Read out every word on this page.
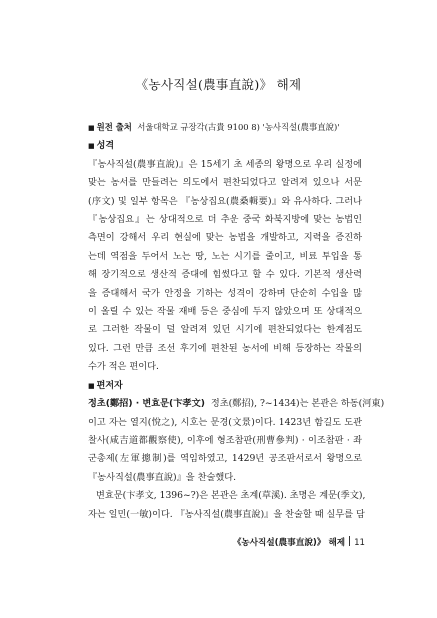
《농사직설(農事直說)》 해제
■ 원전 출처 서울대학교 규장각(古貴 9100 8) '농사직설(農事直說)'
■ 성격
『농사직설(農事直說)』은 15세기 초 세종의 왕명으로 우리 실정에
맞는 농서를 만들려는 의도에서 편찬되었다고 알려져 있으나 서문
(序文) 및 일부 항목은 『농상집요(農桑輯要)』와 유사하다. 그러나
『농상집요』는 상대적으로 더 추운 중국 화북지방에 맞는 농법인
측면이 강해서 우리 현실에 맞는 농법을 개발하고, 지력을 증진하
는데 역점을 두어서 노는 땅, 노는 시기를 줄이고, 비료 투입을 통
해 장기적으로 생산적 증대에 힘썼다고 할 수 있다. 기본적 생산력
을 증대해서 국가 안정을 기하는 성격이 강하며 단순히 수입을 많
이 올릴 수 있는 작물 재배 등은 중심에 두지 않았으며 또 상대적으
로 그러한 작물이 덜 알려져 있던 시기에 편찬되었다는 한계점도
있다. 그런 만큼 조선 후기에 편찬된 농서에 비해 등장하는 작물의
수가 적은 편이다.
■ 편저자
정초(鄭招) · 변효문(卞孝文) 정초(鄭招), ?~1434)는 본관은 하동(河東)
이고 자는 열지(悅之), 시호는 문경(文景)이다. 1423년 함길도 도관
찰사(咸吉道都觀察使), 이후에 형조참판(刑曹參判) · 이조참판 · 좌
군총제(左軍摠制)를 역임하였고, 1429년 공조판서로서 왕명으로
『농사직설(農事直說)』을 찬술했다.
변효문(卞孝文, 1396~?)은 본관은 초계(草溪). 초명은 계문(季文),
자는 일민(一敏)이다. 『농사직설(農事直說)』을 찬술할 때 실무를 담
《농사직설(農事直說)》 해제 11
